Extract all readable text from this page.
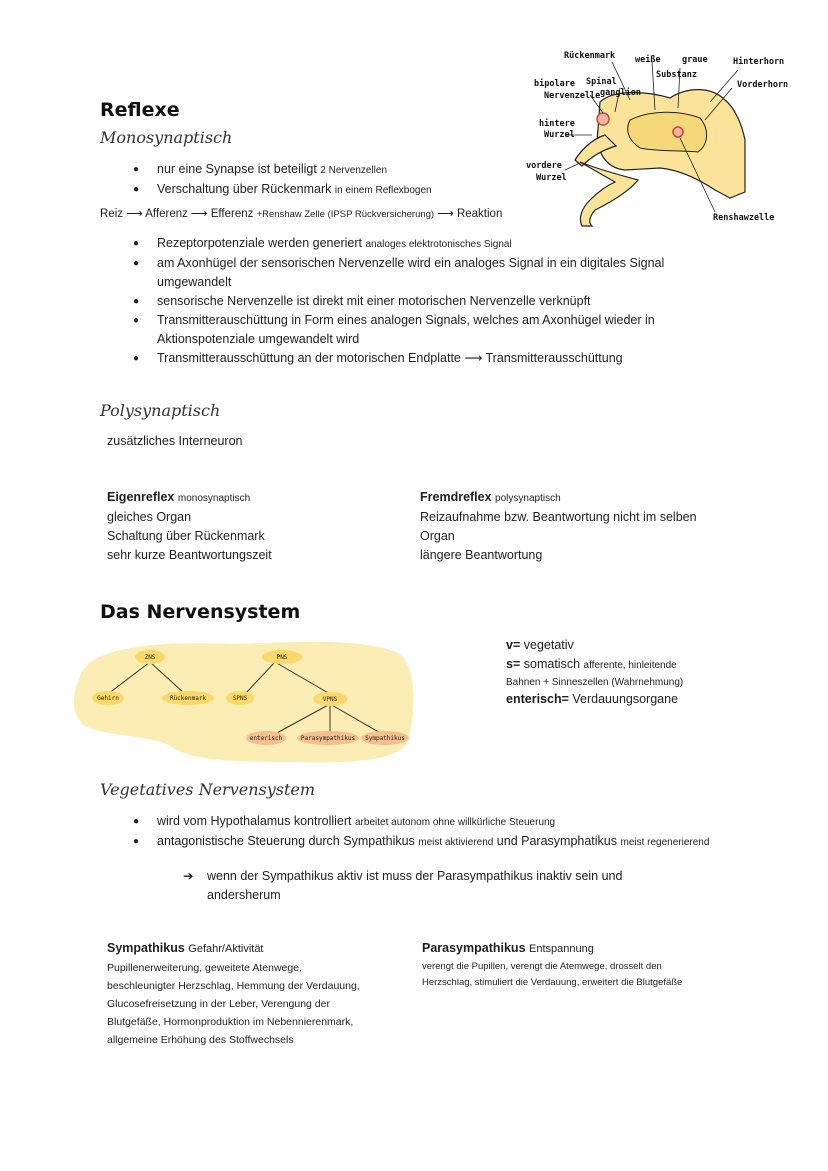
Reflexe
Monosynaptisch
● nur eine Synapse ist beteiligt 2 Nervenzellen
● Verschaltung über Rückenmark in einem Reflexbogen
Reiz ⟶ Afferenz ⟶ Efferenz +Renshaw Zelle (IPSP Rückversicherung) ⟶ Reaktion
● Rezeptorpotenziale werden generiert analoges elektrotonisches Signal
● am Axonhügel der sensorischen Nervenzelle wird ein analoges Signal in ein digitales Signal umgewandelt
● sensorische Nervenzelle ist direkt mit einer motorischen Nervenzelle verknüpft
● Transmitterauschüttung in Form eines analogen Signals, welches am Axonhügel wieder in Aktionspotenziale umgewandelt wird
● Transmitterausschüttung an der motorischen Endplatte ⟶ Transmitterausschüttung
Rückenmark weiße	graue
Substanz
Hinterhorn
Vorderhorn
bipolare
Nervenzelle
Spinal
ganglion
hintere
Wurzel
vordere
Wurzel
Renshawzelle
Polysynaptisch
zusätzliches Interneuron
Eigenreflex monosynaptisch
gleiches Organ
Schaltung über Rückenmark
sehr kurze Beantwortungszeit
Fremdreflex polysynaptisch
Reizaufnahme bzw. Beantwortung nicht im selben
Organ
längere Beantwortung
Das Nervensystem
ZNS	PNS
Gehirn	Rückenmark	SPNS	VPNS
enterisch	Parasympathikus Sympathikus
v= vegetativ
s= somatisch afferente, hinleitende
Bahnen + Sinneszellen (Wahrnehmung)
enterisch= Verdauungsorgane
Vegetatives Nervensystem
● wird vom Hypothalamus kontrolliert arbeitet autonom ohne willkürliche Steuerung
● antagonistische Steuerung durch Sympathikus meist aktivierend und Parasymphatikus meist regenerierend
➔	wenn der Sympathikus aktiv ist muss der Parasympathikus inaktiv sein und andersherum
Sympathikus Gefahr/Aktivität
Pupillenerweiterung, geweitete Atenwege,
beschleunigter Herzschlag, Hemmung der Verdauung,
Glucosefreisetzung in der Leber, Verengung der
Blutgefäße, Hormonproduktion im Nebennierenmark,
allgemeine Erhöhung des Stoffwechsels
Parasympathikus Entspannung
verengt die Pupillen, verengt die Atemwege, drosselt den
Herzschlag, stimuliert die Verdauung, erweitert die Blutgefäße
